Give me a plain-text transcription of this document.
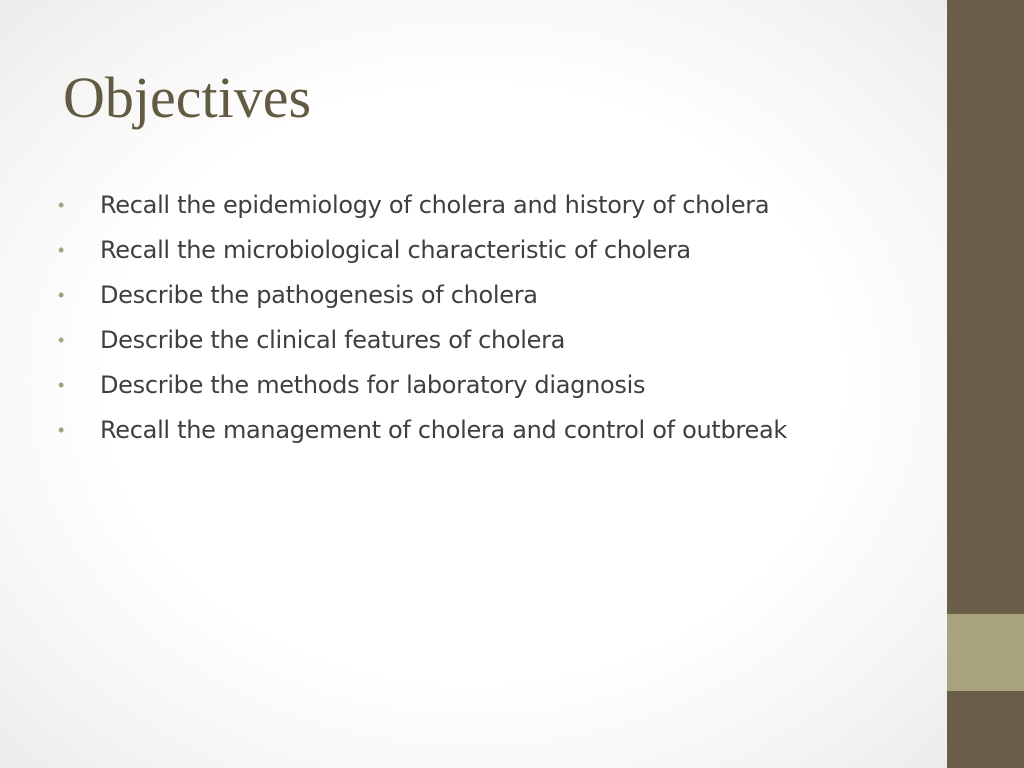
Objectives
•	Recall the epidemiology of cholera and history of cholera
•	Recall the microbiological characteristic of cholera
•	Describe the pathogenesis of cholera
•	Describe the clinical features of cholera
•	Describe the methods for laboratory diagnosis
•	Recall the management of cholera and control of outbreak
